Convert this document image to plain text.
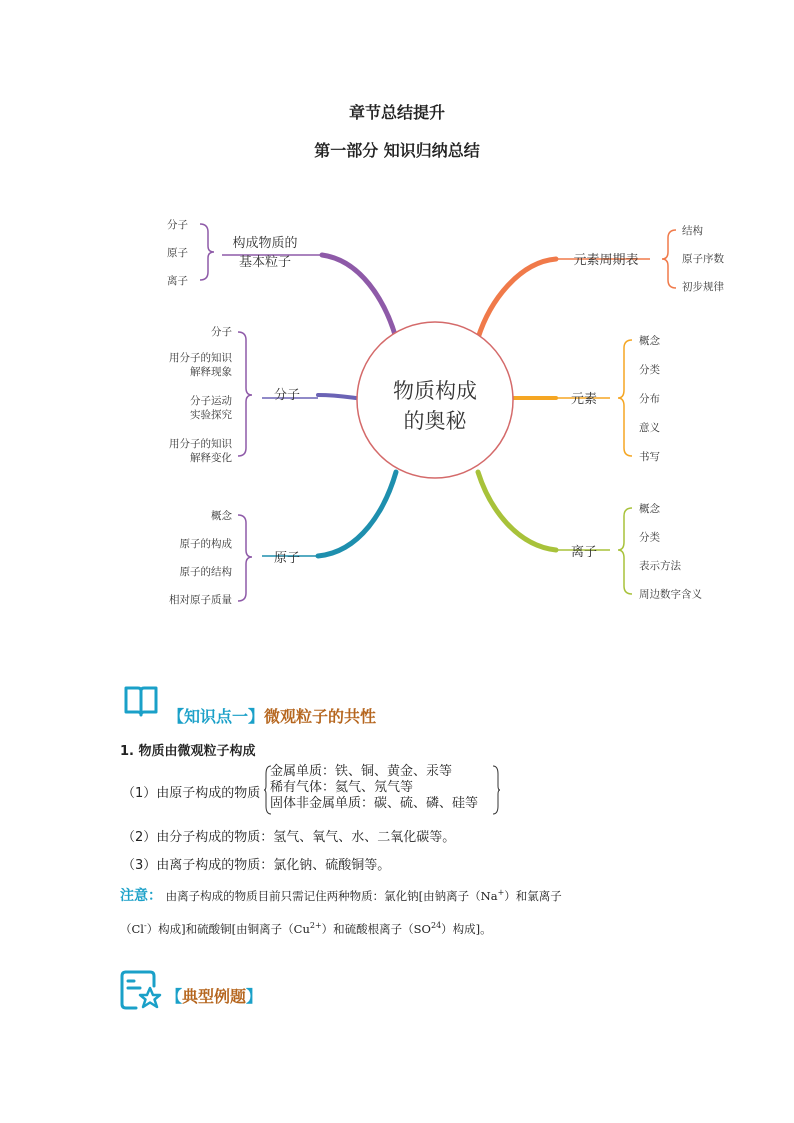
章节总结提升
第一部分 知识归纳总结
物质构成
的奥秘
构成物质的
基本粒子
分子
原子
离子
分子
分子
用分子的知识
解释现象
分子运动
实验探究
用分子的知识
解释变化
原子
概念
原子的构成
原子的结构
相对原子质量
元素周期表
结构
原子序数
初步规律
元素
概念
分类
分布
意义
书写
离子
概念
分类
表示方法
周边数字含义
【知识点一】微观粒子的共性
1. 物质由微观粒子构成
（1）由原子构成的物质
金属单质：铁、铜、黄金、汞等
稀有气体：氦气、氖气等
固体非金属单质：碳、硫、磷、硅等
（2）由分子构成的物质：氢气、氧气、水、二氧化碳等。
（3）由离子构成的物质：氯化钠、硫酸铜等。
注意： 由离子构成的物质目前只需记住两种物质：氯化钠[由钠离子（Na+）和氯离子
（Cl-）构成]和硫酸铜[由铜离子$(Cu^{2+})$和硫酸根离子（SO$^{24}$）构成]。
【典型例题】
